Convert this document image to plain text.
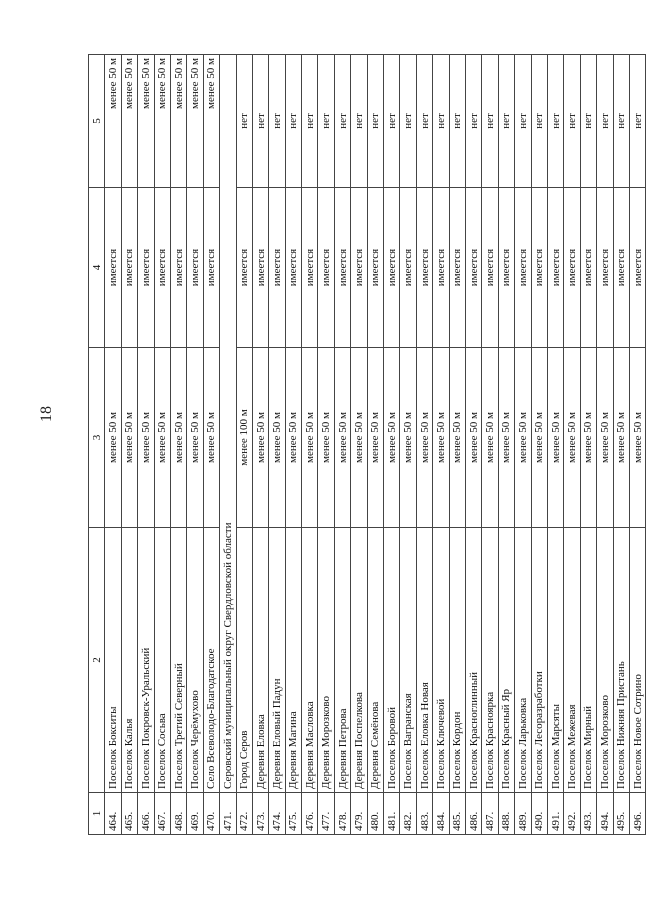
18
1	2	3	4	5
464.	Поселок Бокситы	менее 50 м	имеется	менее 50 м
465.	Поселок Калья	менее 50 м	имеется	менее 50 м
466.	Поселок Покровск-Уральский	менее 50 м	имеется	менее 50 м
467.	Поселок Сосьва	менее 50 м	имеется	менее 50 м
468.	Поселок Третий Северный	менее 50 м	имеется	менее 50 м
469.	Поселок Черёмухово	менее 50 м	имеется	менее 50 м
470.	Село Всеволодо-Благодатское	менее 50 м	имеется	менее 50 м
471.	Серовский муниципальный округ Свердловской области			
472.	Город Серов	менее 100 м	имеется	нет
473.	Деревня Еловка	менее 50 м	имеется	нет
474.	Деревня Еловый Падун	менее 50 м	имеется	нет
475.	Деревня Магина	менее 50 м	имеется	нет
476.	Деревня Масловка	менее 50 м	имеется	нет
477.	Деревня Морозково	менее 50 м	имеется	нет
478.	Деревня Петрова	менее 50 м	имеется	нет
479.	Деревня Поспелкова	менее 50 м	имеется	нет
480.	Деревня Семёнова	менее 50 м	имеется	нет
481.	Поселок Боровой	менее 50 м	имеется	нет
482.	Поселок Вагранская	менее 50 м	имеется	нет
483.	Поселок Еловка Новая	менее 50 м	имеется	нет
484.	Поселок Ключевой	менее 50 м	имеется	нет
485.	Поселок Кордон	менее 50 м	имеется	нет
486.	Поселок Красноглинный	менее 50 м	имеется	нет
487.	Поселок Красноярка	менее 50 м	имеется	нет
488.	Поселок Красный Яр	менее 50 м	имеется	нет
489.	Поселок Ларьковка	менее 50 м	имеется	нет
490.	Поселок Лесоразработки	менее 50 м	имеется	нет
491.	Поселок Марсяты	менее 50 м	имеется	нет
492.	Поселок Межевая	менее 50 м	имеется	нет
493.	Поселок Мирный	менее 50 м	имеется	нет
494.	Поселок Морозково	менее 50 м	имеется	нет
495.	Поселок Нижняя Пристань	менее 50 м	имеется	нет
496.	Поселок Новое Сотрино	менее 50 м	имеется	нет
